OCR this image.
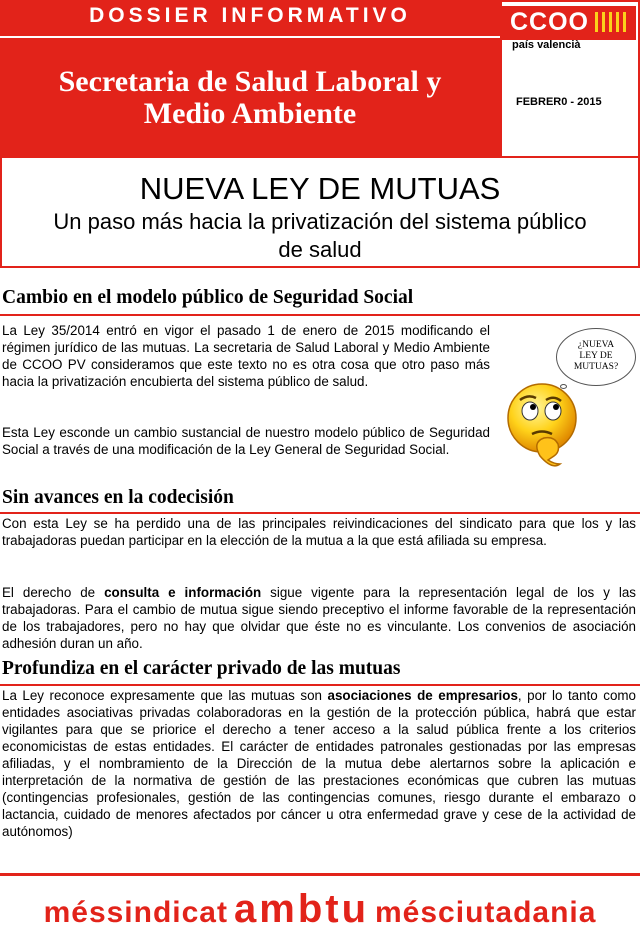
DOSSIER INFORMATIVO
Secretaria de Salud Laboral y
Medio Ambiente
CCOO
país valencià
FEBRER0 - 2015
NUEVA LEY DE MUTUAS
Un paso más hacia la privatización del sistema público
de salud
Cambio en el modelo público de Seguridad Social
La Ley 35/2014 entró en vigor el pasado 1 de enero de 2015 modificando el régimen jurídico de las mutuas. La secretaria de Salud Laboral y Medio Ambiente de CCOO PV consideramos que este texto no es otra cosa que otro paso más hacia la privatización encubierta del sistema público de salud.
Esta Ley esconde un cambio sustancial de nuestro modelo público de Seguridad Social a través de una modificación de la Ley General de Seguridad Social.
¿NUEVA
LEY DE
MUTUAS?
Sin avances en la codecisión
Con esta Ley se ha perdido una de las principales reivindicaciones del sindicato para que los y las trabajadoras puedan participar en la elección de la mutua a la que está afiliada su empresa.
El derecho de consulta e información sigue vigente para la representación legal de los y las trabajadoras. Para el cambio de mutua sigue siendo preceptivo el informe favorable de la representación de los trabajadores, pero no hay que olvidar que éste no es vinculante. Los convenios de asociación adhesión duran un año.
Profundiza en el carácter privado de las mutuas
La Ley reconoce expresamente que las mutuas son asociaciones de empresarios, por lo tanto como entidades asociativas privadas colaboradoras en la gestión de la protección pública, habrá que estar vigilantes para que se priorice el derecho a tener acceso a la salud pública frente a los criterios economicistas de estas entidades. El carácter de entidades patronales gestionadas por las empresas afiliadas, y el nombramiento de la Dirección de la mutua debe alertarnos sobre la aplicación e interpretación de la normativa de gestión de las prestaciones económicas que cubren las mutuas (contingencias profesionales, gestión de las contingencias comunes, riesgo durante el embarazo o lactancia, cuidado de menores afectados por cáncer u otra enfermedad grave y cese de la actividad de autónomos)
méssindicat ambtu mésciutadania
